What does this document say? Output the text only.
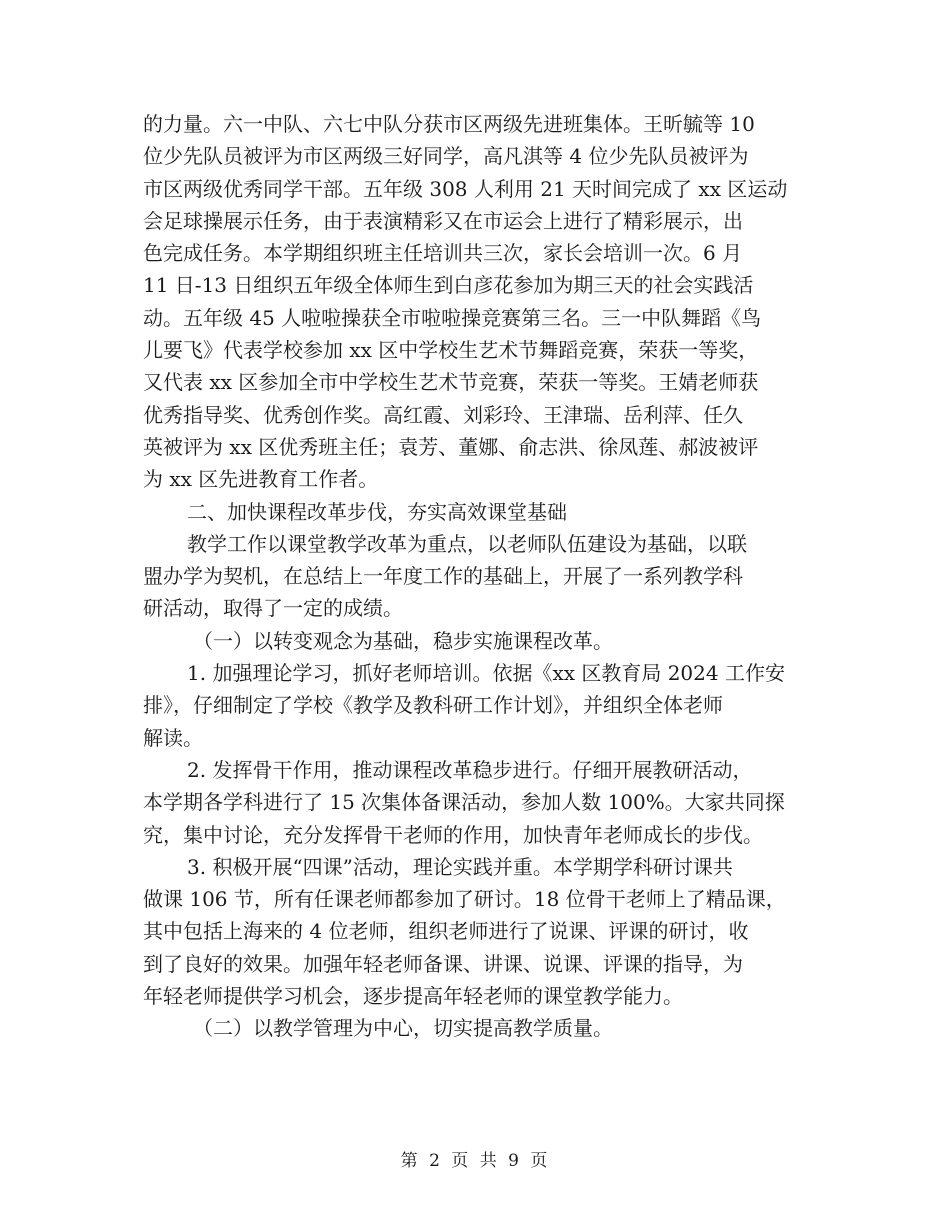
的力量。六一中队、六七中队分获市区两级先进班集体。王昕毓等 10
位少先队员被评为市区两级三好同学，高凡淇等 4 位少先队员被评为
市区两级优秀同学干部。五年级 308 人利用 21 天时间完成了 xx 区运动
会足球操展示任务，由于表演精彩又在市运会上进行了精彩展示，出
色完成任务。本学期组织班主任培训共三次，家长会培训一次。6 月
11 日-13 日组织五年级全体师生到白彦花参加为期三天的社会实践活
动。五年级 45 人啦啦操获全市啦啦操竞赛第三名。三一中队舞蹈《鸟
儿要飞》代表学校参加 xx 区中学校生艺术节舞蹈竞赛，荣获一等奖，
又代表 xx 区参加全市中学校生艺术节竞赛，荣获一等奖。王婧老师获
优秀指导奖、优秀创作奖。高红霞、刘彩玲、王津瑞、岳利萍、任久
英被评为 xx 区优秀班主任；袁芳、董娜、俞志洪、徐凤莲、郝波被评
为 xx 区先进教育工作者。
二、加快课程改革步伐，夯实高效课堂基础
教学工作以课堂教学改革为重点，以老师队伍建设为基础，以联
盟办学为契机，在总结上一年度工作的基础上，开展了一系列教学科
研活动，取得了一定的成绩。
（一）以转变观念为基础，稳步实施课程改革。
1. 加强理论学习，抓好老师培训。依据《xx 区教育局 2024 工作安
排》，仔细制定了学校《教学及教科研工作计划》，并组织全体老师
解读。
2. 发挥骨干作用，推动课程改革稳步进行。仔细开展教研活动，
本学期各学科进行了 15 次集体备课活动，参加人数 100%。大家共同探
究，集中讨论，充分发挥骨干老师的作用，加快青年老师成长的步伐。
3. 积极开展“四课”活动，理论实践并重。本学期学科研讨课共
做课 106 节，所有任课老师都参加了研讨。18 位骨干老师上了精品课，
其中包括上海来的 4 位老师，组织老师进行了说课、评课的研讨，收
到了良好的效果。加强年轻老师备课、讲课、说课、评课的指导，为
年轻老师提供学习机会，逐步提高年轻老师的课堂教学能力。
（二）以教学管理为中心，切实提高教学质量。
第 2 页 共 9 页
